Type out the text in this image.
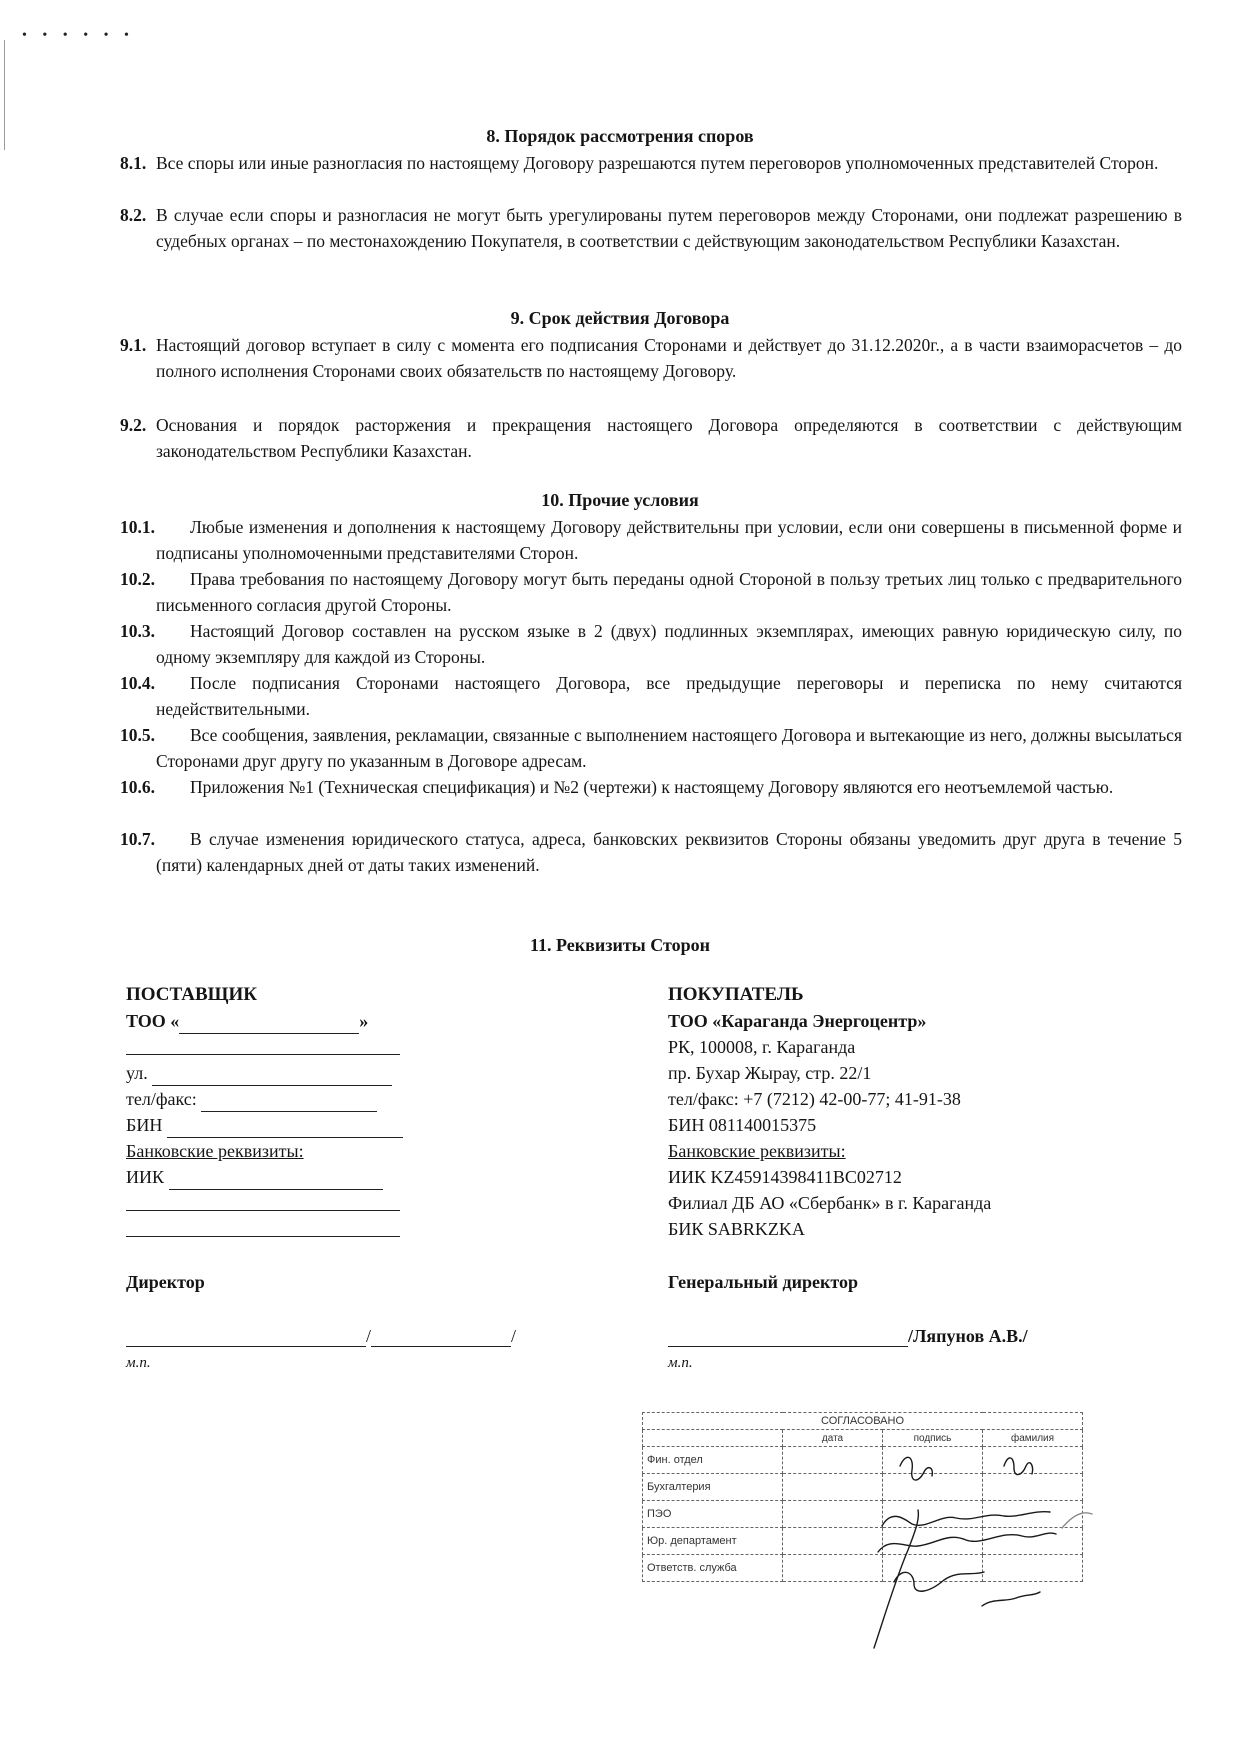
• • • • • •
8. Порядок рассмотрения споров
8.1. Все споры или иные разногласия по настоящему Договору разрешаются путем переговоров уполномоченных представителей Сторон.
8.2. В случае если споры и разногласия не могут быть урегулированы путем переговоров между Сторонами, они подлежат разрешению в судебных органах – по местонахождению Покупателя, в соответствии с действующим законодательством Республики Казахстан.
9. Срок действия Договора
9.1. Настоящий договор вступает в силу с момента его подписания Сторонами и действует до 31.12.2020г., а в части взаиморасчетов – до полного исполнения Сторонами своих обязательств по настоящему Договору.
9.2. Основания и порядок расторжения и прекращения настоящего Договора определяются в соответствии с действующим законодательством Республики Казахстан.
10. Прочие условия
10.1.	Любые изменения и дополнения к настоящему Договору действительны при условии, если они совершены в письменной форме и подписаны уполномоченными представителями Сторон.
10.2.	Права требования по настоящему Договору могут быть переданы одной Стороной в пользу третьих лиц только с предварительного письменного согласия другой Стороны.
10.3.	Настоящий Договор составлен на русском языке в 2 (двух) подлинных экземплярах, имеющих равную юридическую силу, по одному экземпляру для каждой из Стороны.
10.4.	После подписания Сторонами настоящего Договора, все предыдущие переговоры и переписка по нему считаются недействительными.
10.5.	Все сообщения, заявления, рекламации, связанные с выполнением настоящего Договора и вытекающие из него, должны высылаться Сторонами друг другу по указанным в Договоре адресам.
10.6.	Приложения №1 (Техническая спецификация) и №2 (чертежи) к настоящему Договору являются его неотъемлемой частью.
10.7.	В случае изменения юридического статуса, адреса, банковских реквизитов Стороны обязаны уведомить друг друга в течение 5 (пяти) календарных дней от даты таких изменений.
11. Реквизиты Сторон
ПОСТАВЩИК
ТОО «	»
ул.
тел/факс:
БИН
Банковские реквизиты:
ИИК
Директор
/	/
м.п.
ПОКУПАТЕЛЬ
ТОО «Караганда Энергоцентр»
РК, 100008, г. Караганда
пр. Бухар Жырау, стр. 22/1
тел/факс: +7 (7212) 42-00-77; 41-91-38
БИН 081140015375
Банковские реквизиты:
ИИК KZ45914398411BC02712
Филиал ДБ АО «Сбербанк» в г. Караганда
БИК SABRKZKA
Генеральный директор
/Ляпунов А.В./
м.п.
СОГЛАСОВАНО			
	дата	подпись	фамилия
Фин. отдел			
Бухгалтерия			
ПЭО			
Юр. департамент			
Ответств. служба			
